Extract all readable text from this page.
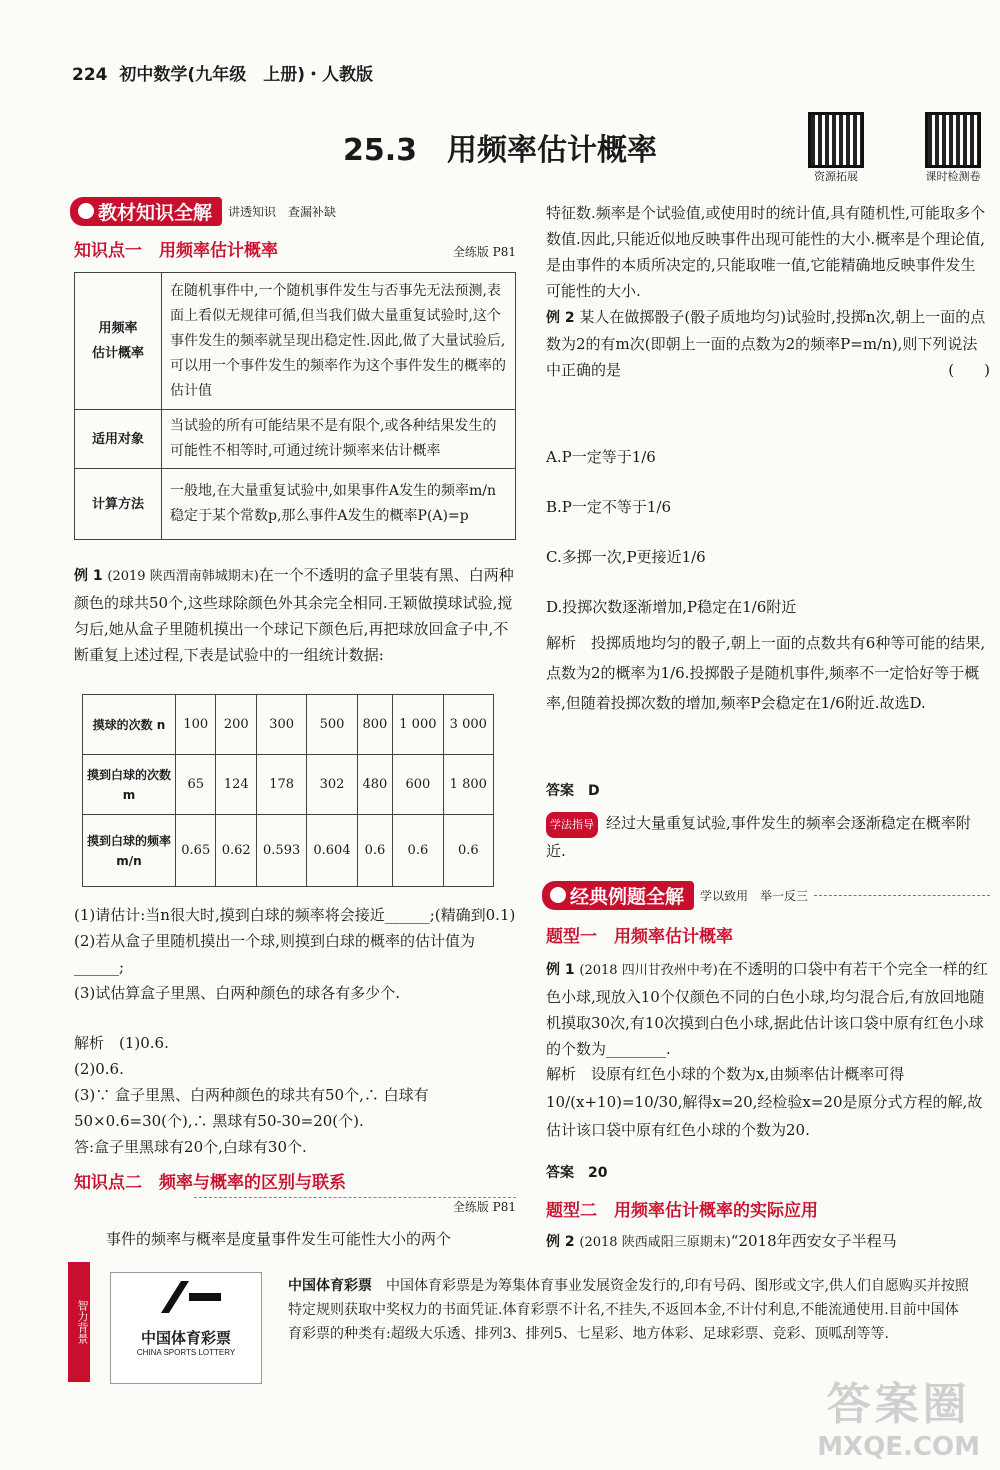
224 初中数学(九年级　上册)・人教版
25.3　用频率估计概率
资源拓展	课时检测卷
教材知识全解 讲透知识　查漏补缺
知识点一　用频率估计概率	全练版 P81
用频率
估计概率	在随机事件中,一个随机事件发生与否事先无法预测,表面上看似无规律可循,但当我们做大量重复试验时,这个事件发生的频率就呈现出稳定性.因此,做了大量试验后,可以用一个事件发生的频率作为这个事件发生的概率的估计值
适用对象	当试验的所有可能结果不是有限个,或各种结果发生的可能性不相等时,可通过统计频率来估计概率
计算方法	一般地,在大量重复试验中,如果事件A发生的频率m/n稳定于某个常数p,那么事件A发生的概率P(A)=p
例 1 (2019 陕西渭南韩城期末)在一个不透明的盒子里装有黑、白两种颜色的球共50个,这些球除颜色外其余完全相同.王颖做摸球试验,搅匀后,她从盒子里随机摸出一个球记下颜色后,再把球放回盒子中,不断重复上述过程,下表是试验中的一组统计数据:
摸球的次数 n	100	200	300	500	800	1 000	3 000
摸到白球的次数 m	65	124	178	302	480	600	1 800
摸到白球的频率 m/n	0.65	0.62	0.593	0.604	0.6	0.6	0.6
(1)请估计:当n很大时,摸到白球的频率将会接近______;(精确到0.1)
(2)若从盒子里随机摸出一个球,则摸到白球的概率的估计值为______;
(3)试估算盒子里黑、白两种颜色的球各有多少个.
解析　(1)0.6.
(2)0.6.
(3)∵ 盒子里黑、白两种颜色的球共有50个,∴ 白球有50×0.6=30(个),∴ 黑球有50-30=20(个).
答:盒子里黑球有20个,白球有30个.
知识点二　频率与概率的区别与联系
全练版 P81
事件的频率与概率是度量事件发生可能性大小的两个
特征数.频率是个试验值,或使用时的统计值,具有随机性,可能取多个数值.因此,只能近似地反映事件出现可能性的大小.概率是个理论值,是由事件的本质所决定的,只能取唯一值,它能精确地反映事件发生可能性的大小.
例 2 某人在做掷骰子(骰子质地均匀)试验时,投掷n次,朝上一面的点数为2的有m次(即朝上一面的点数为2的频率P=m/n),则下列说法中正确的是	(　　)
A.P一定等于1/6
B.P一定不等于1/6
C.多掷一次,P更接近1/6
D.投掷次数逐渐增加,P稳定在1/6附近
解析　投掷质地均匀的骰子,朝上一面的点数共有6种等可能的结果,点数为2的概率为1/6.投掷骰子是随机事件,频率不一定恰好等于概率,但随着投掷次数的增加,频率P会稳定在1/6附近.故选D.
答案　D
学法指导 经过大量重复试验,事件发生的频率会逐渐稳定在概率附近.
经典例题全解 学以致用　举一反三
题型一　用频率估计概率
例 1 (2018 四川甘孜州中考)在不透明的口袋中有若干个完全一样的红色小球,现放入10个仅颜色不同的白色小球,均匀混合后,有放回地随机摸取30次,有10次摸到白色小球,据此估计该口袋中原有红色小球的个数为________.
解析　设原有红色小球的个数为x,由频率估计概率可得10/(x+10)=10/30,解得x=20,经检验x=20是原分式方程的解,故估计该口袋中原有红色小球的个数为20.
答案　20
题型二　用频率估计概率的实际应用
例 2 (2018 陕西咸阳三原期末)“2018年西安女子半程马
智力背景	中国体育彩票
CHINA SPORTS LOTTERY
中国体育彩票　 中国体育彩票是为筹集体育事业发展资金发行的,印有号码、图形或文字,供人们自愿购买并按照特定规则获取中奖权力的书面凭证.体育彩票不计名,不挂失,不返回本金,不计付利息,不能流通使用.目前中国体育彩票的种类有:超级大乐透、排列3、排列5、七星彩、地方体彩、足球彩票、竞彩、顶呱刮等等.
答案圈
MXQE.COM
